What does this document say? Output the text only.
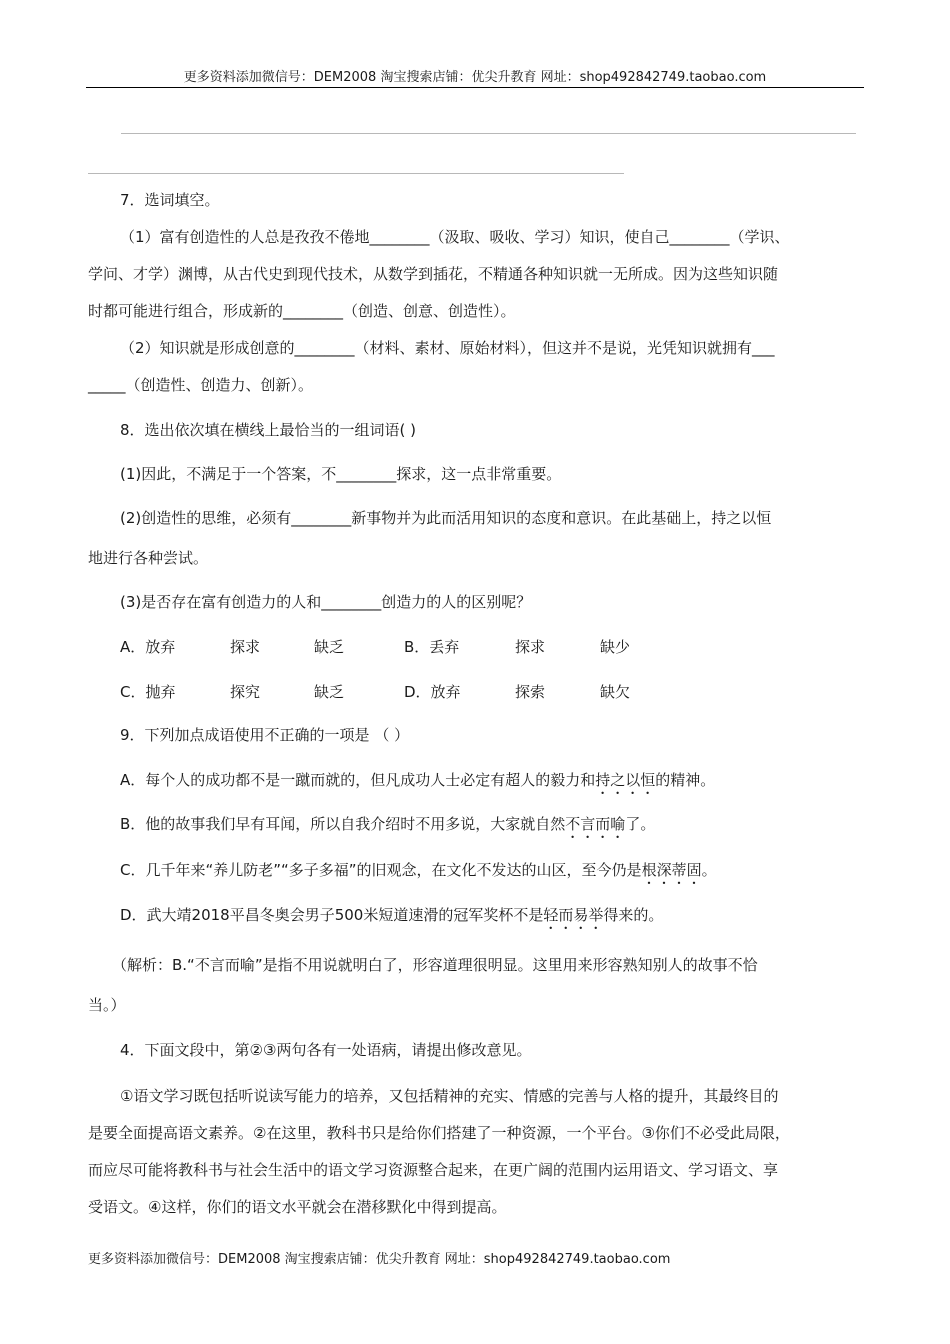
更多资料添加微信号：DEM2008 淘宝搜索店铺：优尖升教育 网址：shop492842749.taobao.com
7．选词填空。
（1）富有创造性的人总是孜孜不倦地________（汲取、吸收、学习）知识，使自己________（学识、
学问、才学）渊博，从古代史到现代技术，从数学到插花，不精通各种知识就一无所成。因为这些知识随
时都可能进行组合，形成新的________（创造、创意、创造性）。
（2）知识就是形成创意的________（材料、素材、原始材料），但这并不是说，光凭知识就拥有___
_____（创造性、创造力、创新）。
8．选出依次填在横线上最恰当的一组词语( )
(1)因此，不满足于一个答案，不________探求，这一点非常重要。
(2)创造性的思维，必须有________新事物并为此而活用知识的态度和意识。在此基础上，持之以恒
地进行各种尝试。
(3)是否存在富有创造力的人和________创造力的人的区别呢？
A．放弃	探求	缺乏	B．丢弃	探求	缺少
C．抛弃	探究	缺乏	D．放弃	探索	缺欠
9．下列加点成语使用不正确的一项是 （ ）
A．每个人的成功都不是一蹴而就的，但凡成功人士必定有超人的毅力和持之以恒的精神。
B．他的故事我们早有耳闻，所以自我介绍时不用多说，大家就自然不言而喻了。
C．几千年来“养儿防老”“多子多福”的旧观念，在文化不发达的山区，至今仍是根深蒂固。
D．武大靖2018平昌冬奥会男子500米短道速滑的冠军奖杯不是轻而易举得来的。
（解析：B.“不言而喻”是指不用说就明白了，形容道理很明显。这里用来形容熟知别人的故事不恰
当。）
4．下面文段中，第②③两句各有一处语病，请提出修改意见。
①语文学习既包括听说读写能力的培养，又包括精神的充实、情感的完善与人格的提升，其最终目的
是要全面提高语文素养。②在这里，教科书只是给你们搭建了一种资源，一个平台。③你们不必受此局限，
而应尽可能将教科书与社会生活中的语文学习资源整合起来，在更广阔的范围内运用语文、学习语文、享
受语文。④这样，你们的语文水平就会在潜移默化中得到提高。
更多资料添加微信号：DEM2008 淘宝搜索店铺：优尖升教育 网址：shop492842749.taobao.com
